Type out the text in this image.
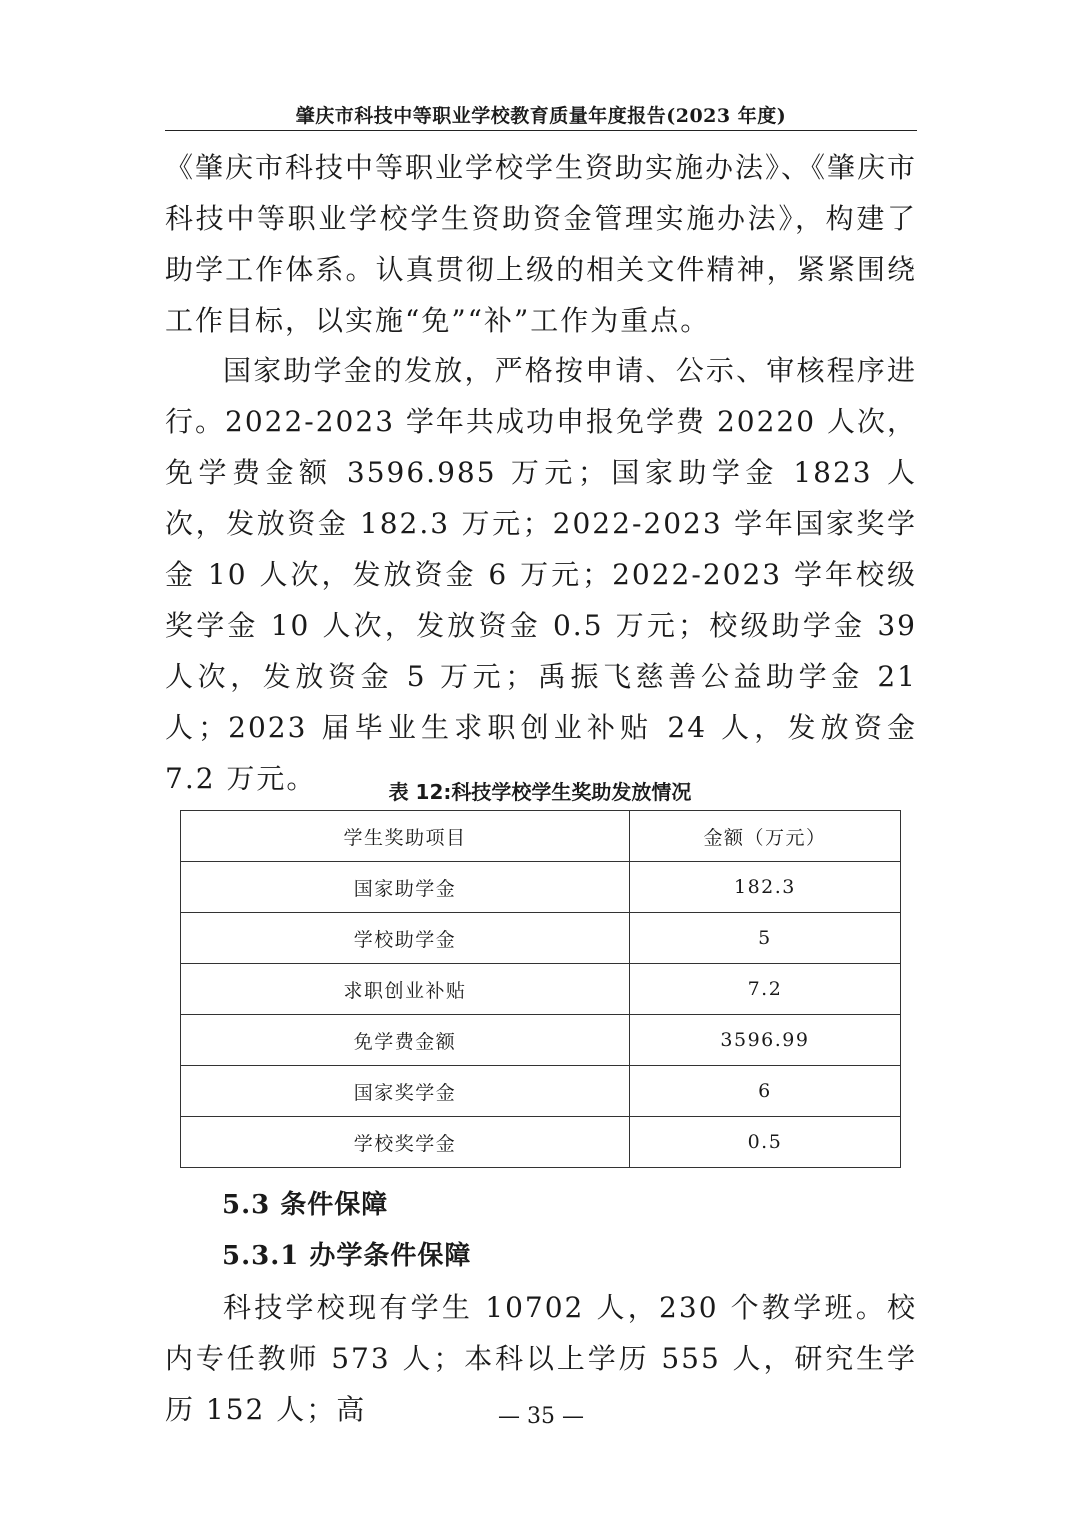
肇庆市科技中等职业学校教育质量年度报告(2023 年度)

《肇庆市科技中等职业学校学生资助实施办法》、《肇庆市科技中等职业学校学生资助资金管理实施办法》，构建了助学工作体系。认真贯彻上级的相关文件精神，紧紧围绕工作目标，以实施“免”“补”工作为重点。

国家助学金的发放，严格按申请、公示、审核程序进行。2022-2023 学年共成功申报免学费 20220 人次，免学费金额 3596.985 万元；国家助学金 1823 人次，发放资金 182.3 万元；2022-2023 学年国家奖学金 10 人次，发放资金 6 万元；2022-2023 学年校级奖学金 10 人次，发放资金 0.5 万元；校级助学金 39 人次，发放资金 5 万元；禹振飞慈善公益助学金 21 人；2023 届毕业生求职创业补贴 24 人，发放资金 7.2 万元。	表 12:科技学校学生奖助发放情况
学生奖助项目	金额（万元）
国家助学金	182.3
学校助学金	5
求职创业补贴	7.2
免学费金额	3596.99
国家奖学金	6
学校奖学金	0.5
5.3 条件保障
5.3.1 办学条件保障

科技学校现有学生 10702 人，230 个教学班。校内专任教师 573 人；本科以上学历 555 人，研究生学历 152 人；高	— 35 —
